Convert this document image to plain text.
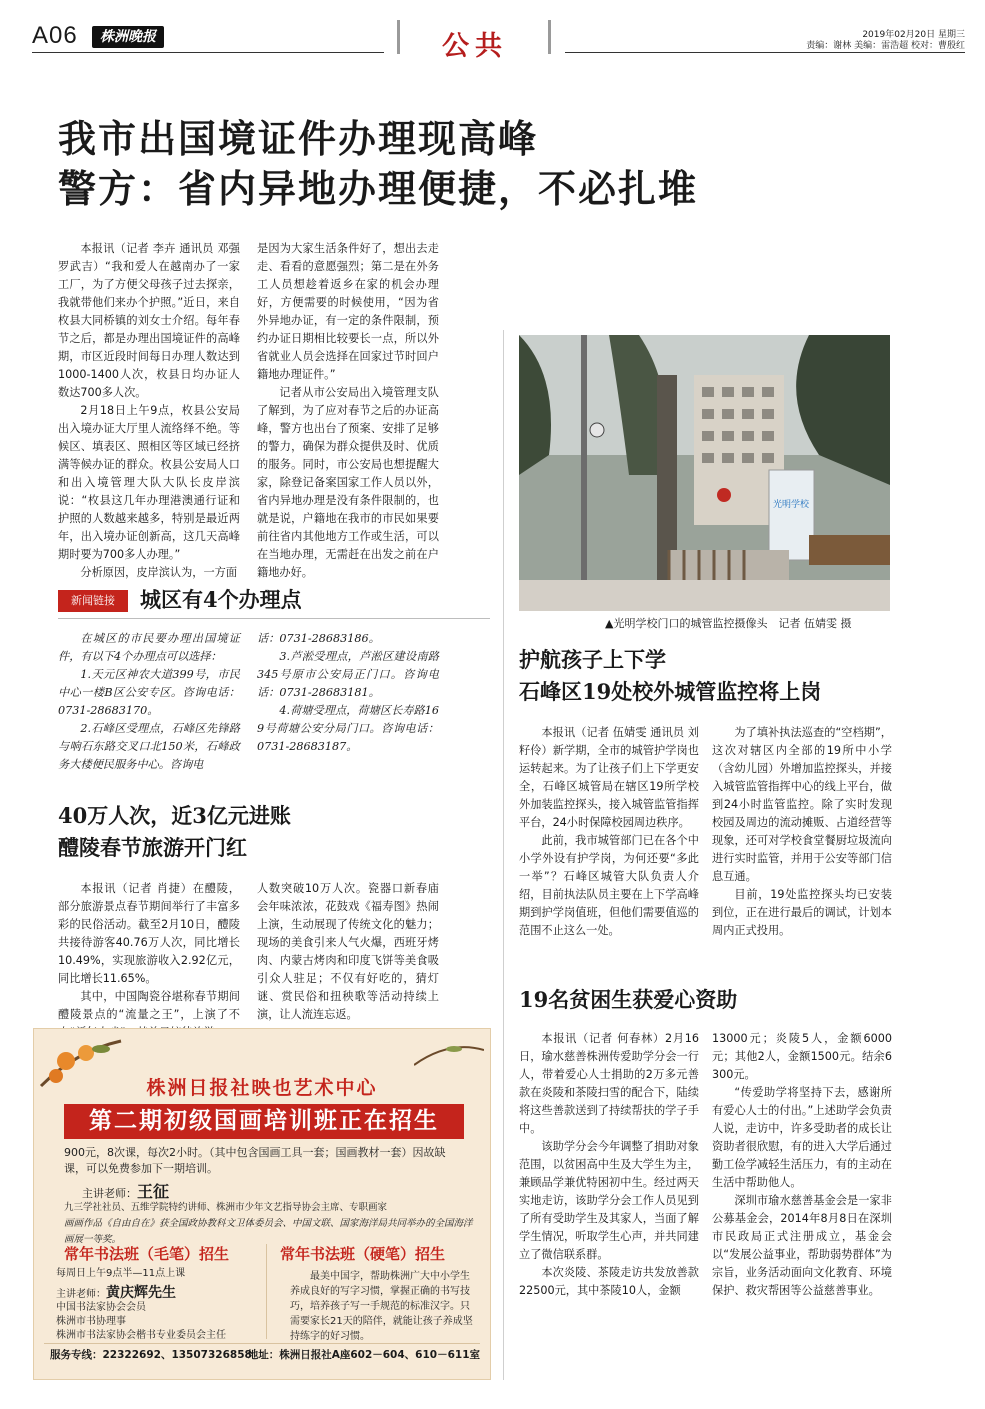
A06	株洲晚报	公共	2019年02月20日 星期三
责编：谢林 美编：雷浩超 校对：曹殷红
我市出国境证件办理现高峰
警方：省内异地办理便捷，不必扎堆

本报讯（记者 李卉 通讯员 邓强 罗武吉）“我和爱人在越南办了一家工厂，为了方便父母孩子过去探亲，我就带他们来办个护照。”近日，来自枚县大同桥镇的刘女士介绍。每年春节之后，都是办理出国境证件的高峰期，市区近段时间每日办理人数达到1000-1400人次，枚县日均办证人数达700多人次。

2月18日上午9点，枚县公安局出入境办证大厅里人流络绎不绝。等候区、填表区、照相区等区域已经挤满等候办证的群众。枚县公安局人口和出入境管理大队大队长皮岸滨说：“枚县这几年办理港澳通行证和护照的人数越来越多，特别是最近两年，出入境办证创新高，这几天高峰期时要为700多人办理。”

分析原因，皮岸滨认为，一方面

是因为大家生活条件好了，想出去走走、看看的意愿强烈；第二是在外务工人员想趁着返乡在家的机会办理好，方便需要的时候使用，“因为省外异地办证，有一定的条件限制，预约办证日期相比较要长一点，所以外省就业人员会选择在回家过节时回户籍地办理证件。”

记者从市公安局出入境管理支队了解到，为了应对春节之后的办证高峰，警方也出台了预案、安排了足够的警力，确保为群众提供及时、优质的服务。同时，市公安局也想提醒大家，除登记备案国家工作人员以外，省内异地办理是没有条件限制的，也就是说，户籍地在我市的市民如果要前往省内其他地方工作或生活，可以在当地办理，无需赶在出发之前在户籍地办好。

新闻链接	城区有4个办理点

在城区的市民要办理出国境证件，有以下4个办理点可以选择：

1.天元区神农大道399号，市民中心一楼B区公安专区。咨询电话：0731-28683170。

2.石峰区受理点，石峰区先锋路与响石东路交叉口北150米，石峰政务大楼便民服务中心。咨询电

话：0731-28683186。

3.芦淞受理点，芦淞区建设南路345号原市公安局正门口。咨询电话：0731-28683181。

4.荷塘受理点，荷塘区长寿路169号荷塘公安分局门口。咨询电话：0731-28683187。

40万人次，近3亿元进账
醴陵春节旅游开门红

本报讯（记者 肖捷）在醴陵，部分旅游景点春节期间举行了丰富多彩的民俗活动。截至2月10日，醴陵共接待游客40.76万人次，同比增长10.49%，实现旅游收入2.92亿元，同比增长11.65%。

其中，中国陶瓷谷堪称春节期间醴陵景点的“流量之王”，上演了不

人数突破10万人次。瓷器口新春庙会年味浓浓，花鼓戏《福寿图》热闹上演，生动展现了传统文化的魅力；现场的美食引来人气火爆，西班牙烤肉、内蒙古烤肉和印度飞饼等美食吸引众人驻足；不仅有好吃的，猜灯谜、赏民俗和扭秧歌等活动持续上演，让人流连忘返。

光明学校
▲光明学校门口的城管监控摄像头　记者 伍婧雯 摄
护航孩子上下学
石峰区19处校外城管监控将上岗

本报讯（记者 伍婧雯 通讯员 刘籽伶）新学期，全市的城管护学岗也运转起来。为了让孩子们上下学更安全，石峰区城管局在辖区19所学校外加装监控探头，接入城管监管指挥平台，24小时保障校园周边秩序。

此前，我市城管部门已在各个中小学外设有护学岗，为何还要“多此一举”？石峰区城管大队负责人介绍，目前执法队员主要在上下学高峰期到护学岗值班，但他们需要值巡的范围不止这么一处。

为了填补执法巡查的“空档期”，这次对辖区内全部的19所中小学（含幼儿园）外增加监控探头，并接入城管监管指挥中心的线上平台，做到24小时监管监控。除了实时发现校园及周边的流动摊贩、占道经营等现象，还可对学校食堂餐厨垃圾流向进行实时监管，并用于公安等部门信息互通。

目前，19处监控探头均已安装到位，正在进行最后的调试，计划本周内正式投用。

19名贫困生获爱心资助

本报讯（记者 何春林）2月16日，瑜水慈善株洲传爱助学分会一行人，带着爱心人士捐助的2万多元善款在炎陵和茶陵扫雪的配合下，陆续将这些善款送到了持续帮扶的学子手中。

该助学分会今年调整了捐助对象范围，以贫困高中生及大学生为主，兼顾品学兼优特困初中生。经过两天实地走访，该助学分会工作人员见到了所有受助学生及其家人，当面了解学生情况，听取学生心声，并共同建立了微信联系群。

本次炎陵、茶陵走访共发放善款22500元，其中茶陵10人，金额

13000元；炎陵5人，金额6000元；其他2人，金额1500元。结余6300元。

“传爱助学将坚持下去，感谢所有爱心人士的付出。”上述助学会负责人说，走访中，许多受助者的成长让资助者很欣慰，有的进入大学后通过勤工俭学减轻生活压力，有的主动在生活中帮助他人。

深圳市瑜水慈善基金会是一家非公募基金会，2014年8月8日在深圳市民政局正式注册成立，基金会以“发展公益事业，帮助弱势群体”为宗旨，业务活动面向文化教育、环境保护、救灾帮困等公益慈善事业。

株洲日报社映也艺术中心
第二期初级国画培训班正在招生
900元，8次课，每次2小时。（其中包含国画工具一套；国画教材一套）因故缺课，可以免费参加下一期培训。
主讲老师：王征
九三学社社员、五维学院特约讲师、株洲市少年文艺指导协会主席、专职画家
画画作品《自由自在》获全国政协教科文卫体委员会、中国文联、国家海洋局共同举办的全国海洋画展一等奖。
常年书法班（毛笔）招生
每周日上午9点半—11点上课
主讲老师：黄庆辉先生
中国书法家协会会员
株洲市书协理事
株洲市书法家协会楷书专业委员会主任
常年书法班（硬笔）招生
最美中国字，帮助株洲广大中小学生养成良好的写字习惯，掌握正确的书写技巧，培养孩子写一手规范的标准汉字。只需要家长21天的陪伴，就能让孩子养成坚持练字的好习惯。
服务专线：22322692、13507326858
地址：株洲日报社A座602－604、610－611室
